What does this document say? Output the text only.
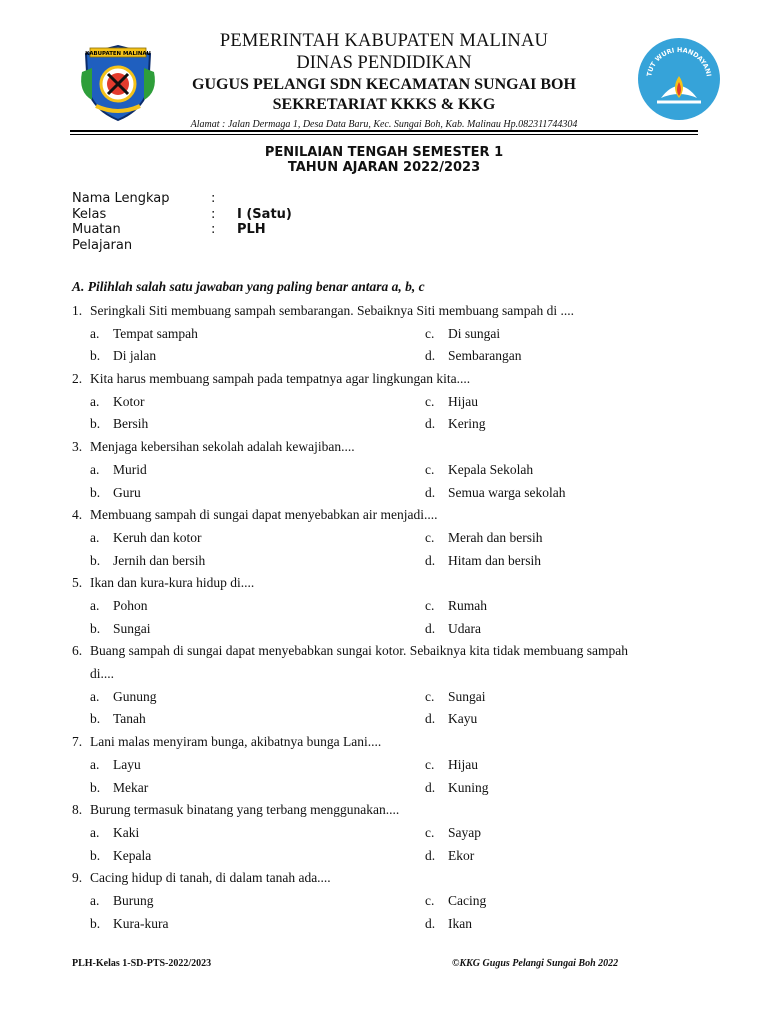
KABUPATEN MALINAU
PEMERINTAH KABUPATEN MALINAU
DINAS PENDIDIKAN
GUGUS PELANGI SDN KECAMATAN SUNGAI BOH
SEKRETARIAT KKKS & KKG
Alamat : Jalan Dermaga 1, Desa Data Baru, Kec. Sungai Boh, Kab. Malinau Hp.082311744304
TUT WURI HANDAYANI
PENILAIAN TENGAH SEMESTER 1
TAHUN AJARAN 2022/2023
Nama Lengkap	:
Kelas	: I (Satu)
Muatan	: PLH
Pelajaran
A. Pilihlah salah satu jawaban yang paling benar antara a, b, c
1. Seringkali Siti membuang sampah sembarangan. Sebaiknya Siti membuang sampah di ....
a. Tempat sampah
b. Di jalan
c. Di sungai
d. Sembarangan
2. Kita harus membuang sampah pada tempatnya agar lingkungan kita....
a. Kotor
b. Bersih
c. Hijau
d. Kering
3. Menjaga kebersihan sekolah adalah kewajiban....
a. Murid
b. Guru
c. Kepala Sekolah
d. Semua warga sekolah
4. Membuang sampah di sungai dapat menyebabkan air menjadi....
a. Keruh dan kotor
b. Jernih dan bersih
c. Merah dan bersih
d. Hitam dan bersih
5. Ikan dan kura-kura hidup di....
a. Pohon
b. Sungai
c. Rumah
d. Udara
6. Buang sampah di sungai dapat menyebabkan sungai kotor. Sebaiknya kita tidak membuang sampah
di....
a. Gunung
b. Tanah
c. Sungai
d. Kayu
7. Lani malas menyiram bunga, akibatnya bunga Lani....
a. Layu
b. Mekar
c. Hijau
d. Kuning
8. Burung termasuk binatang yang terbang menggunakan....
a. Kaki
b. Kepala
c. Sayap
d. Ekor
9. Cacing hidup di tanah, di dalam tanah ada....
a. Burung
b. Kura-kura
c. Cacing
d. Ikan
PLH-Kelas 1-SD-PTS-2022/2023	©KKG Gugus Pelangi Sungai Boh 2022
